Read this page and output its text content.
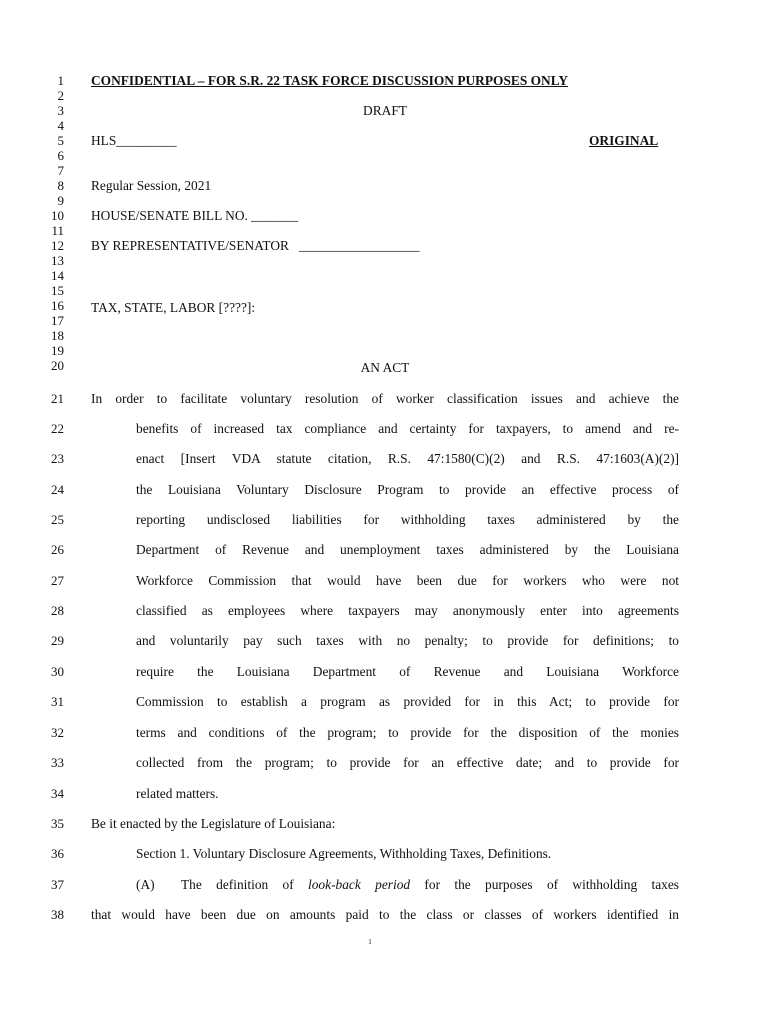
1
2
3
4
5
6
7
8
9
10
11
12
13
14
15
16
17
18
19
20
21
22
23
24
25
26
27
28
29
30
31
32
33
34
35
36
37
38
CONFIDENTIAL – FOR S.R. 22 TASK FORCE DISCUSSION PURPOSES ONLY
DRAFT
HLS_________	ORIGINAL
Regular Session, 2021
HOUSE/SENATE BILL NO. _______
BY REPRESENTATIVE/SENATOR   __________________
TAX, STATE, LABOR [????]:
AN ACT
In order to facilitate voluntary resolution of worker classification issues and achieve the
benefits of increased tax compliance and certainty for taxpayers, to amend and re-
enact [Insert VDA statute citation, R.S. 47:1580(C)(2) and R.S. 47:1603(A)(2)]
the Louisiana Voluntary Disclosure Program to provide an effective process of
reporting undisclosed liabilities for withholding taxes administered by the
Department of Revenue and unemployment taxes administered by the Louisiana
Workforce Commission that would have been due for workers who were not
classified as employees where taxpayers may anonymously enter into agreements
and voluntarily pay such taxes with no penalty; to provide for definitions; to
require the Louisiana Department of Revenue and Louisiana Workforce
Commission to establish a program as provided for in this Act; to provide for
terms and conditions of the program; to provide for the disposition of the monies
collected from the program; to provide for an effective date; and to provide for
related matters.
Be it enacted by the Legislature of Louisiana:
Section 1. Voluntary Disclosure Agreements, Withholding Taxes, Definitions.
(A) The definition of look-back period for the purposes of withholding taxes
that would have been due on amounts paid to the class or classes of workers identified in
1
